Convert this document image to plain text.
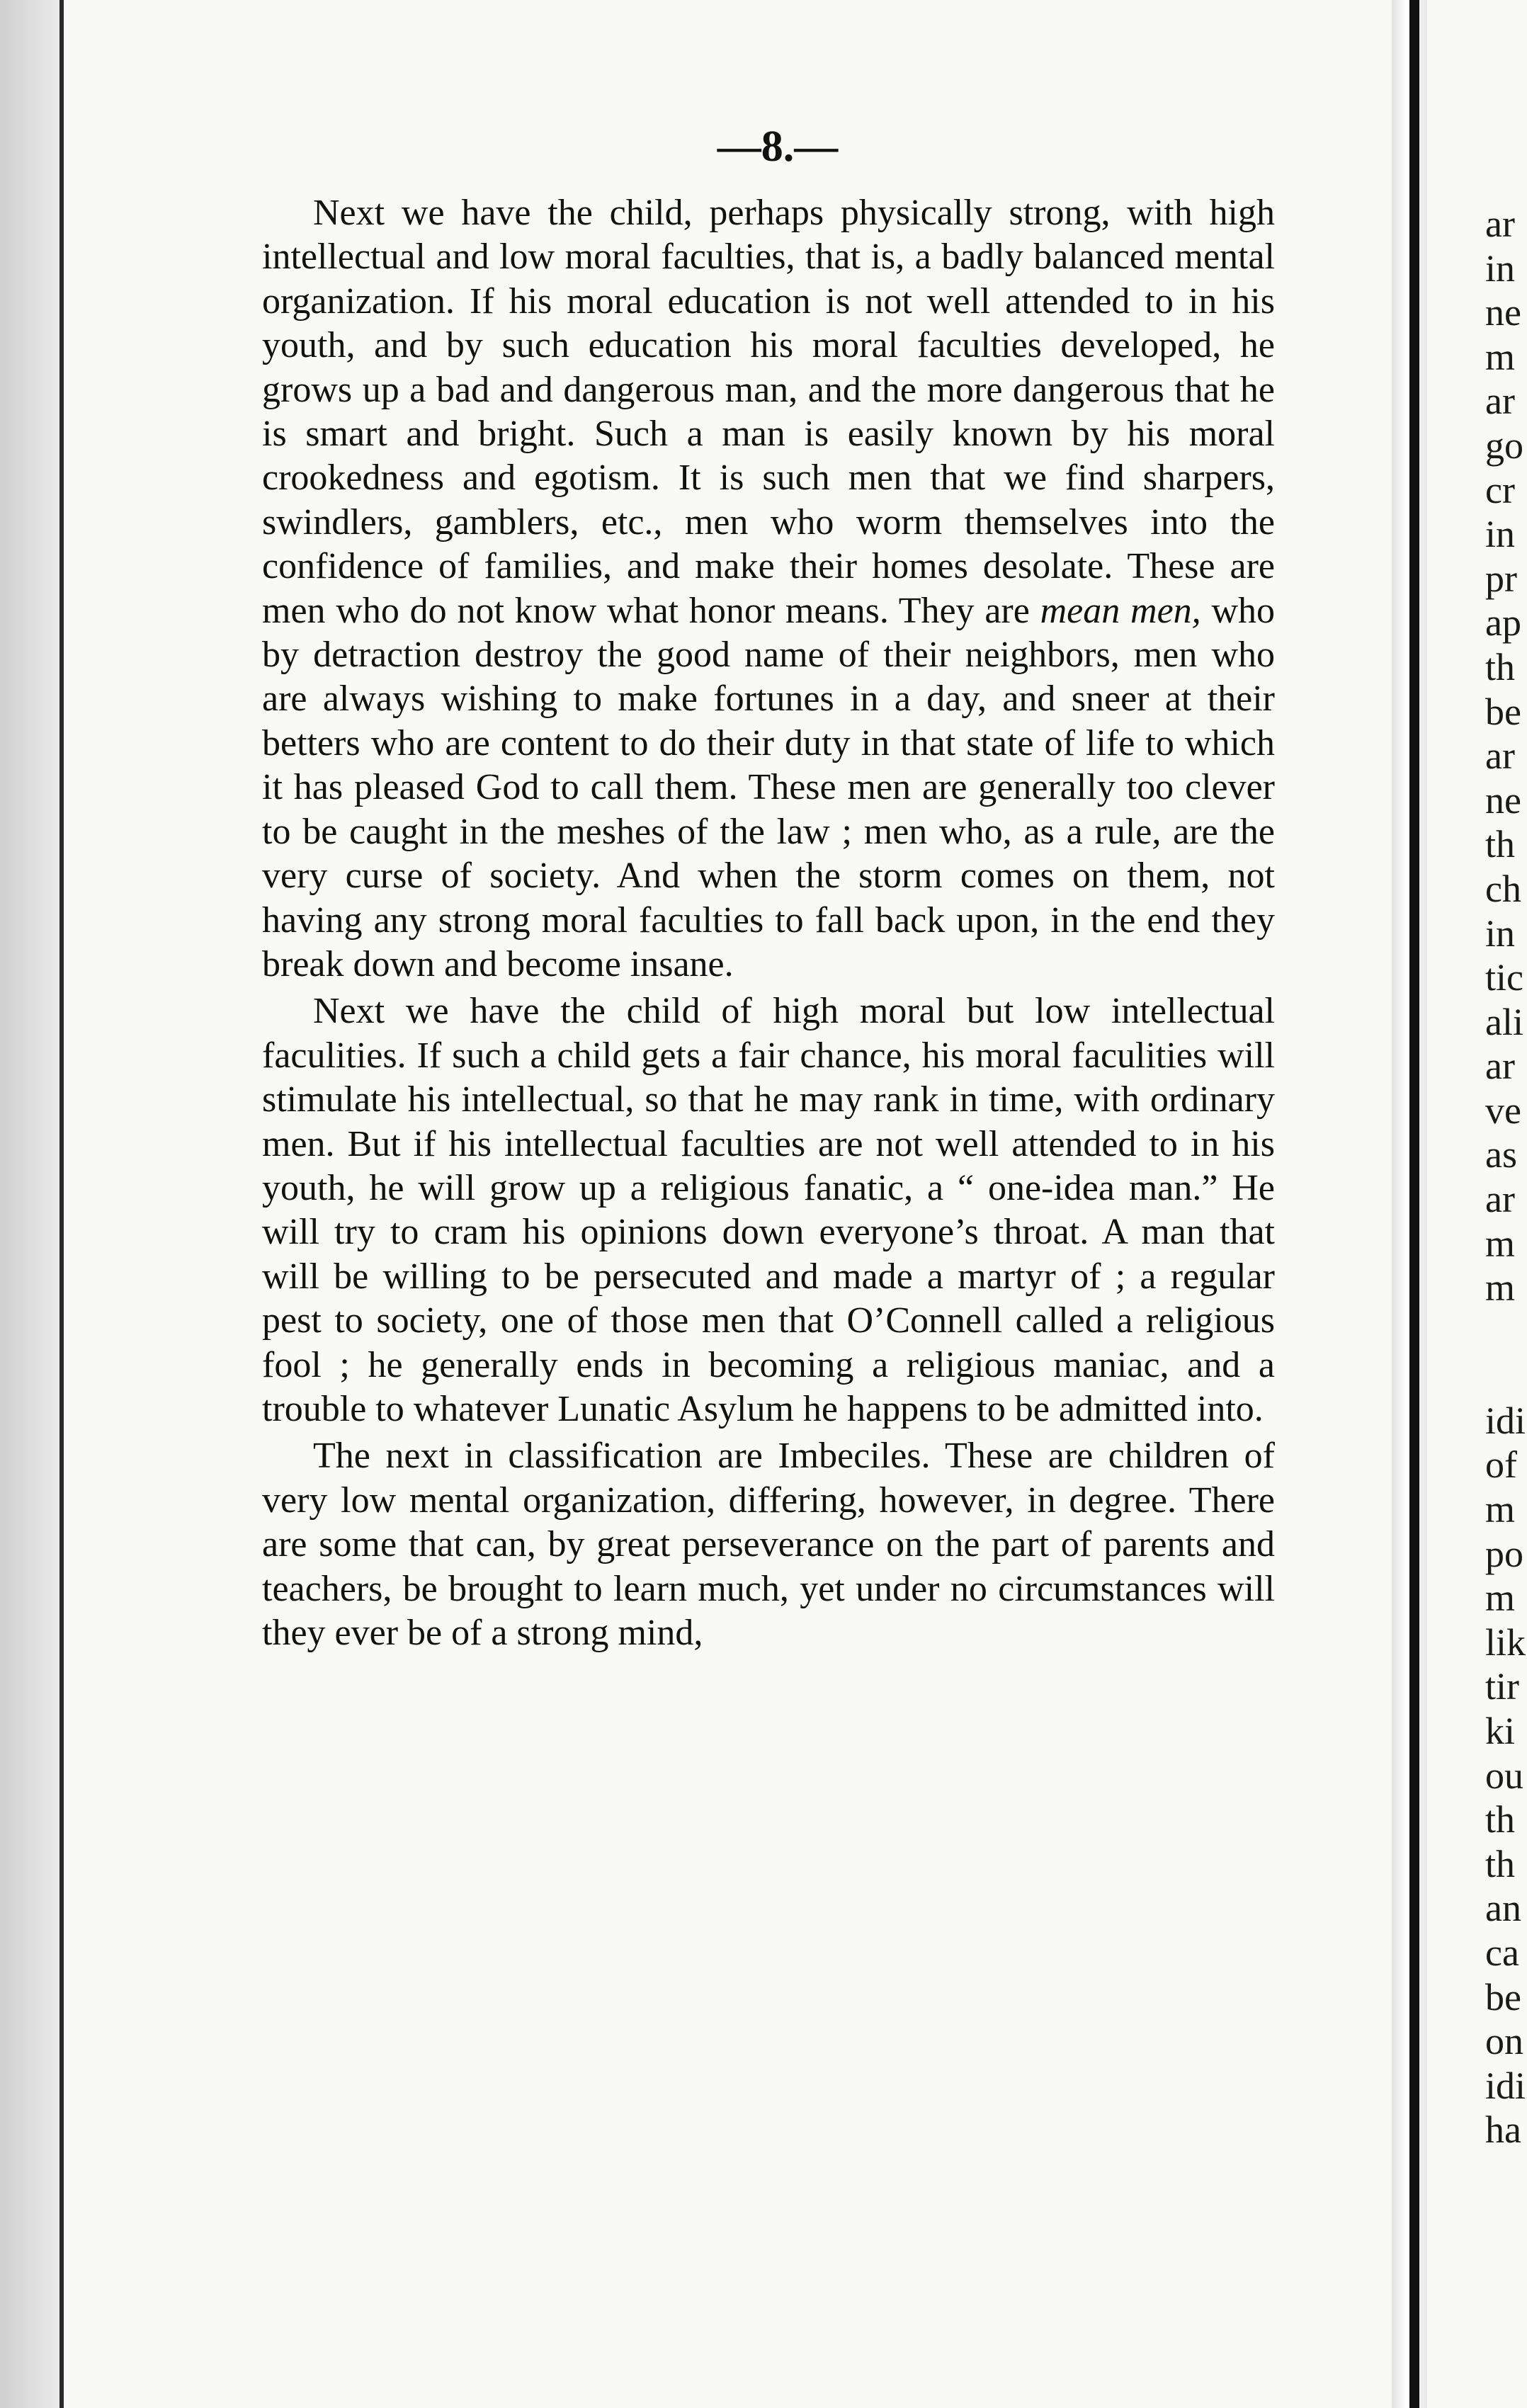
—8.—

Next we have the child, perhaps physically strong, with high intellectual and low moral faculties, that is, a badly balanced mental organization. If his moral education is not well attended to in his youth, and by such education his moral faculties developed, he grows up a bad and dangerous man, and the more dangerous that he is smart and bright. Such a man is easily known by his moral crookedness and egotism. It is such men that we find sharpers, swindlers, gamblers, etc., men who worm themselves into the confidence of families, and make their homes desolate. These are men who do not know what honor means. They are mean men, who by detraction destroy the good name of their neighbors, men who are always wishing to make fortunes in a day, and sneer at their betters who are content to do their duty in that state of life to which it has pleased God to call them. These men are generally too clever to be caught in the meshes of the law ; men who, as a rule, are the very curse of society. And when the storm comes on them, not having any strong moral faculties to fall back upon, in the end they break down and become insane.

Next we have the child of high moral but low intellectual faculities. If such a child gets a fair chance, his moral faculities will stimulate his intellectual, so that he may rank in time, with ordinary men. But if his intellectual faculties are not well attended to in his youth, he will grow up a religious fanatic, a “ one-idea man.” He will try to cram his opinions down everyone’s throat. A man that will be willing to be persecuted and made a martyr of ; a regular pest to society, one of those men that O’Connell called a religious fool ; he generally ends in becoming a religious maniac, and a trouble to whatever Lunatic Asylum he happens to be admitted into.

The next in classification are Imbeciles. These are children of very low mental organization, differing, however, in degree. There are some that can, by great perseverance on the part of parents and teachers, be brought to learn much, yet under no circumstances will they ever be of a strong mind,

ar
in
ne
m
ar
go
cr
in
pr
ap
th
be
ar
ne
th
ch
in
tic
ali
ar
ve
as
ar
m
m
idi
of
m
po
m
lik
tir
ki
ou
th
th
an
ca
be
on
idi
ha
